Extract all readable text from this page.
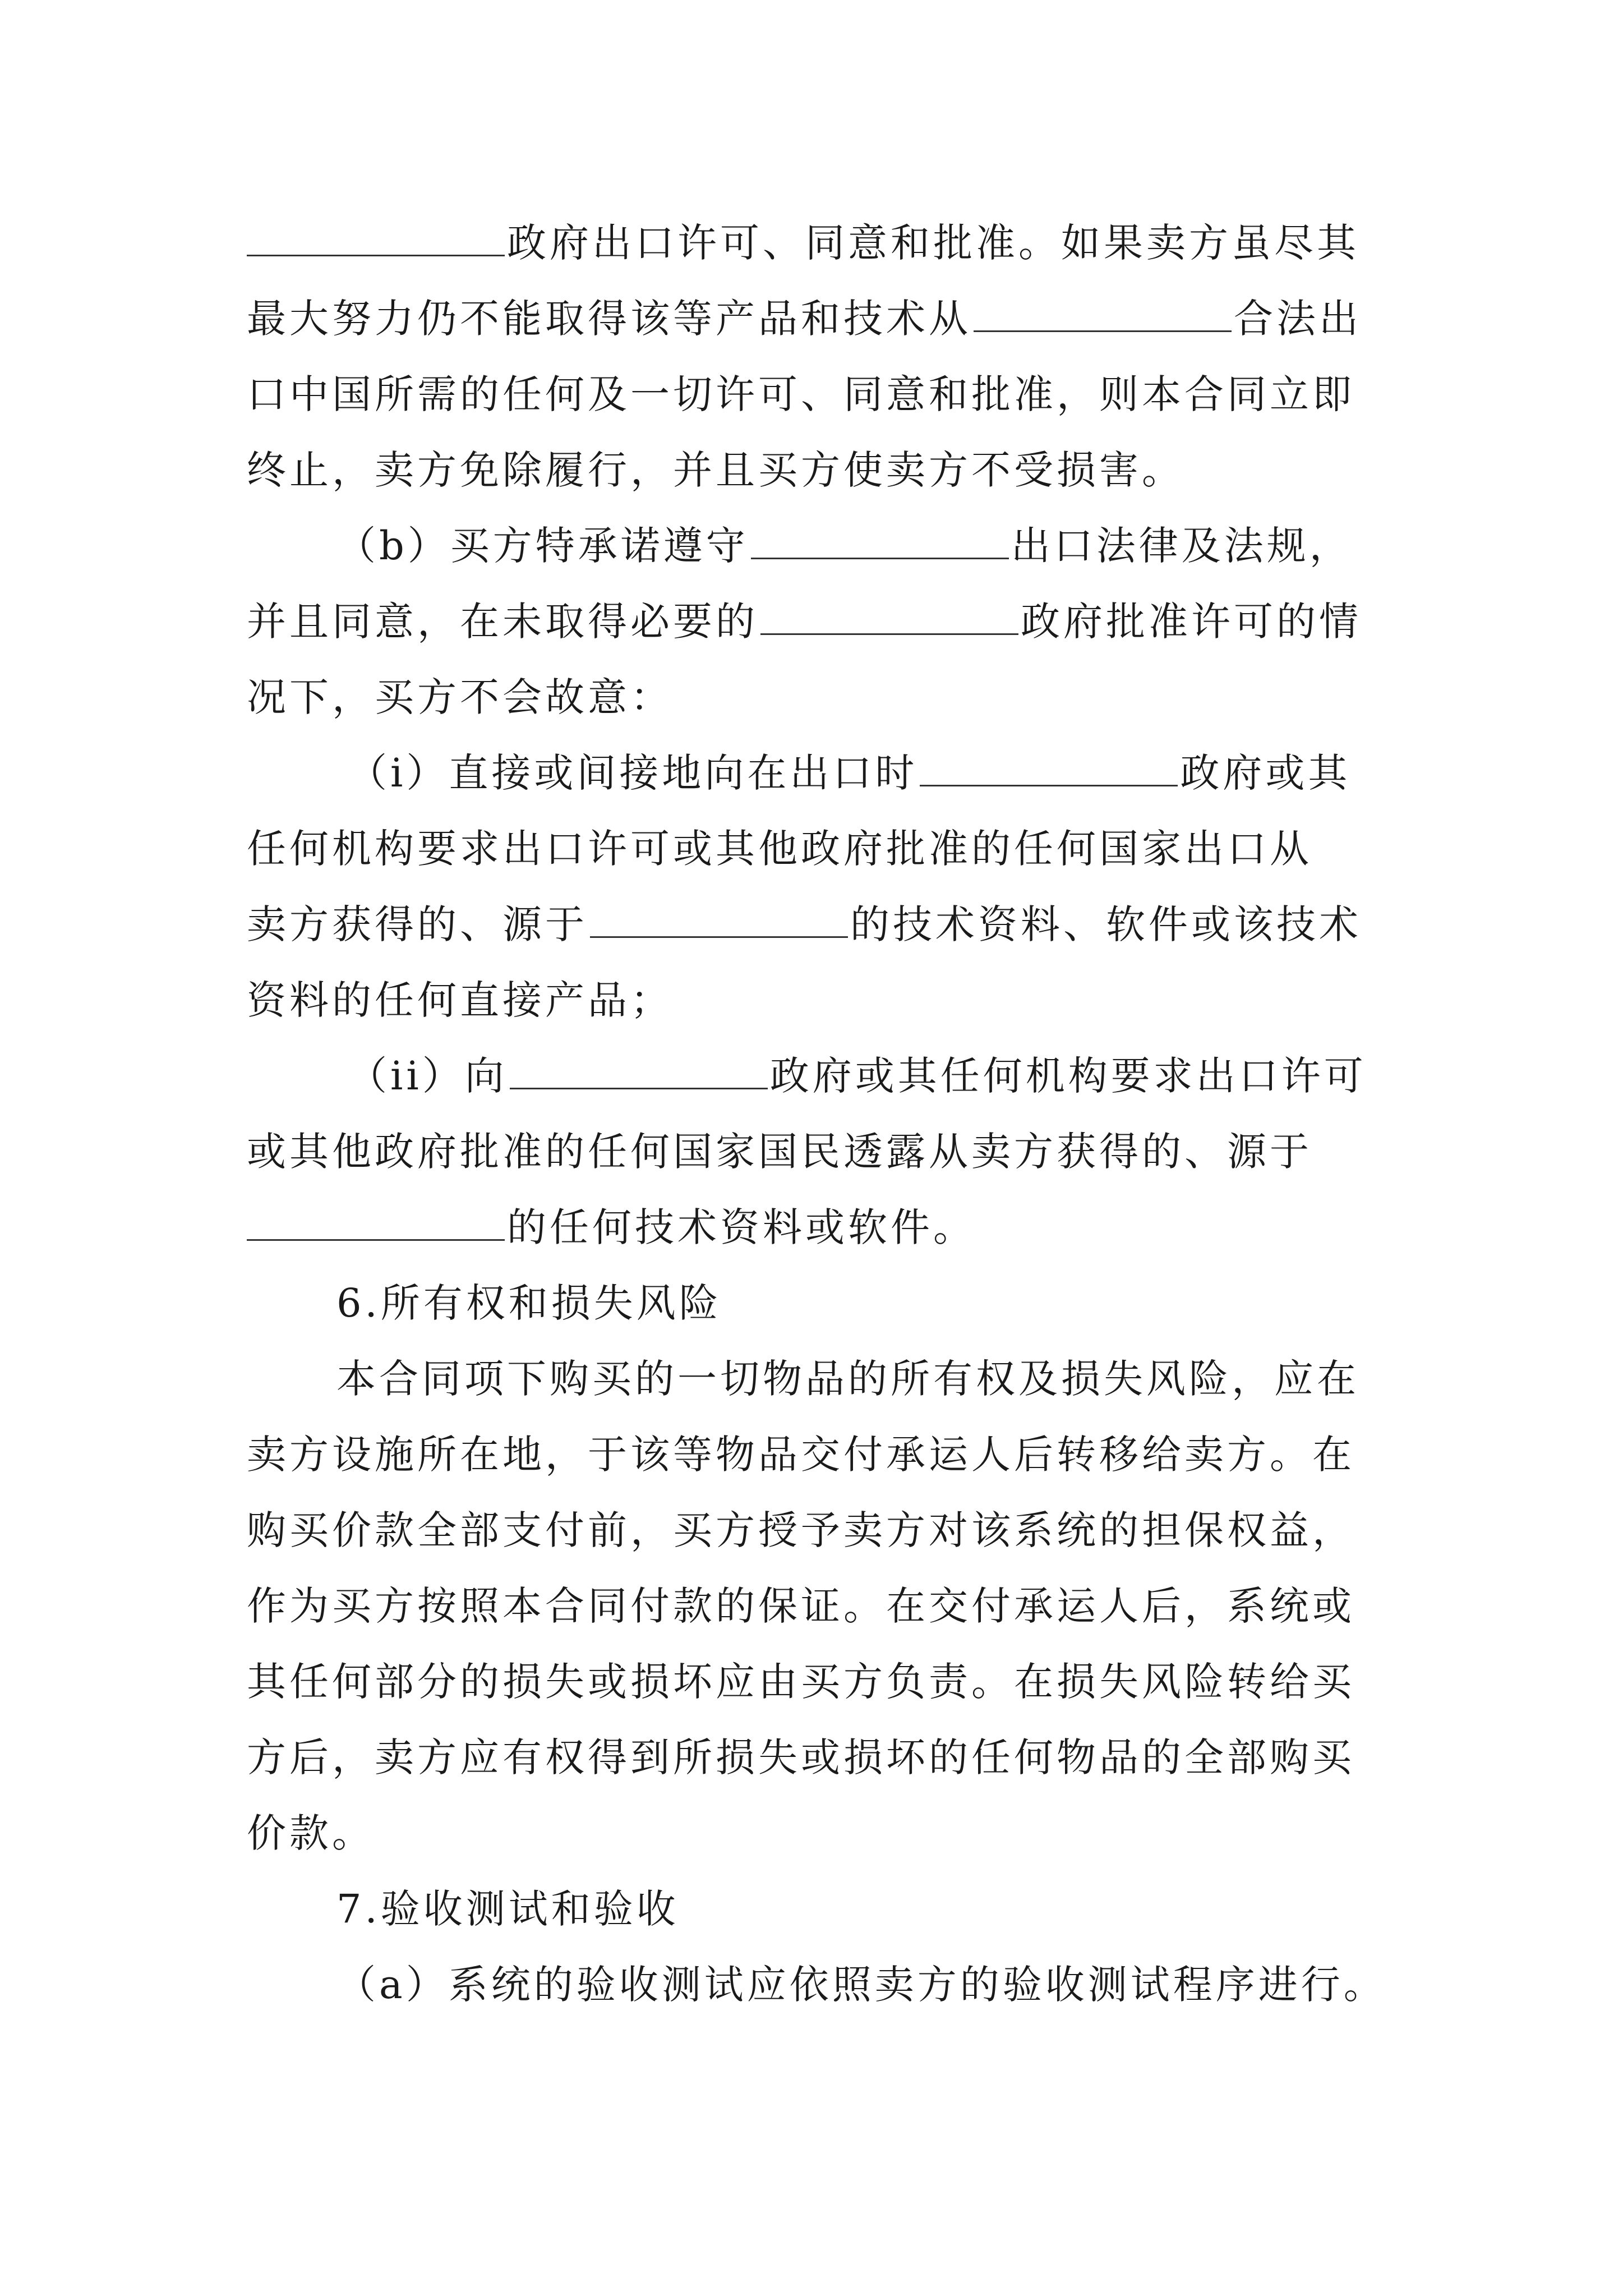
政府出口许可、同意和批准。如果卖方虽尽其
最大努力仍不能取得该等产品和技术从	合法出
口中国所需的任何及一切许可、同意和批准，则本合同立即
终止，卖方免除履行，并且买方使卖方不受损害。
（b）买方特承诺遵守	出口法律及法规，
并且同意，在未取得必要的	政府批准许可的情
况下，买方不会故意：
（i）直接或间接地向在出口时	政府或其
任何机构要求出口许可或其他政府批准的任何国家出口从
卖方获得的、源于	的技术资料、软件或该技术
资料的任何直接产品；
（ii）向	政府或其任何机构要求出口许可
或其他政府批准的任何国家国民透露从卖方获得的、源于
的任何技术资料或软件。
6.所有权和损失风险
本合同项下购买的一切物品的所有权及损失风险，应在
卖方设施所在地，于该等物品交付承运人后转移给卖方。在
购买价款全部支付前，买方授予卖方对该系统的担保权益，
作为买方按照本合同付款的保证。在交付承运人后，系统或
其任何部分的损失或损坏应由买方负责。在损失风险转给买
方后，卖方应有权得到所损失或损坏的任何物品的全部购买
价款。
7.验收测试和验收
（a）系统的验收测试应依照卖方的验收测试程序进行。
